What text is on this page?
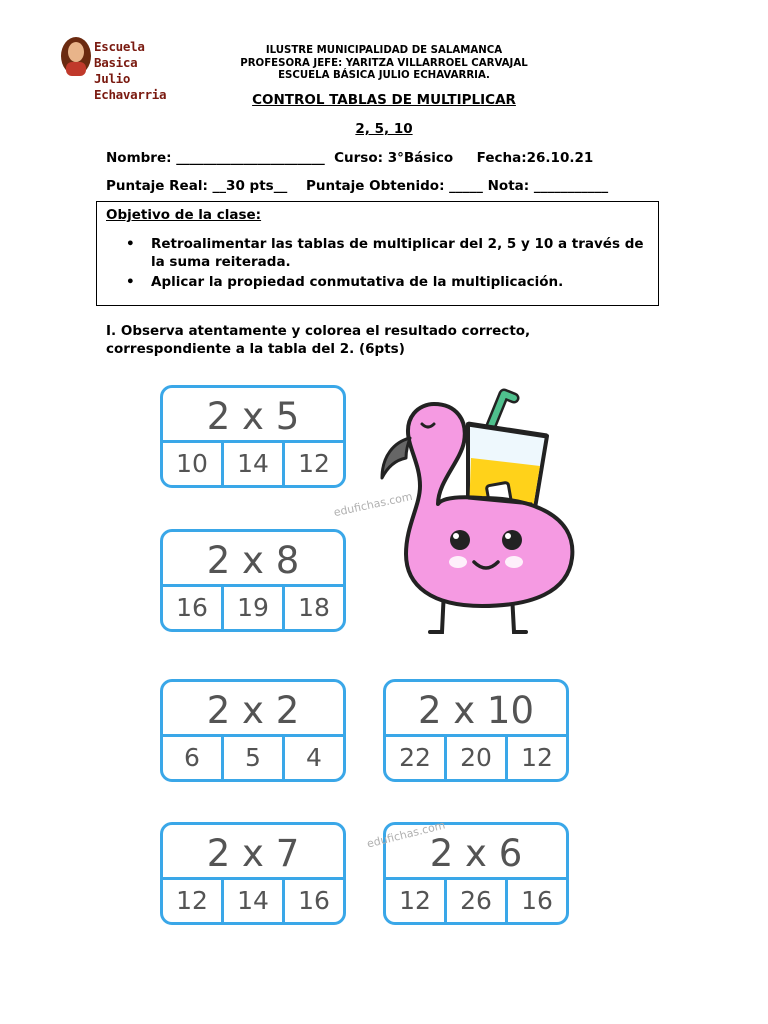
Escuela Basica
Julio Echavarria
ILUSTRE MUNICIPALIDAD DE SALAMANCA
PROFESORA JEFE: YARITZA VILLARROEL CARVAJAL
ESCUELA BÁSICA JULIO ECHAVARRIA.
CONTROL TABLAS DE MULTIPLICAR
2, 5, 10
Nombre: ______________________  Curso: 3°Básico     Fecha:26.10.21
Puntaje Real: __30 pts__    Puntaje Obtenido: _____ Nota: ___________
Objetivo de la clase:
• Retroalimentar las tablas de multiplicar del 2, 5 y 10 a través de la suma reiterada.
• Aplicar la propiedad conmutativa de la multiplicación.
I. Observa atentamente y colorea el resultado correcto, correspondiente a la tabla del 2. (6pts)
2 x 5
10	14	12
2 x 8
16	19	18
2 x 2
6	5	4
2 x 10
22	20	12
2 x 7
12	14	16
2 x 6
12	26	16
edufichas.com
edufichas.com
